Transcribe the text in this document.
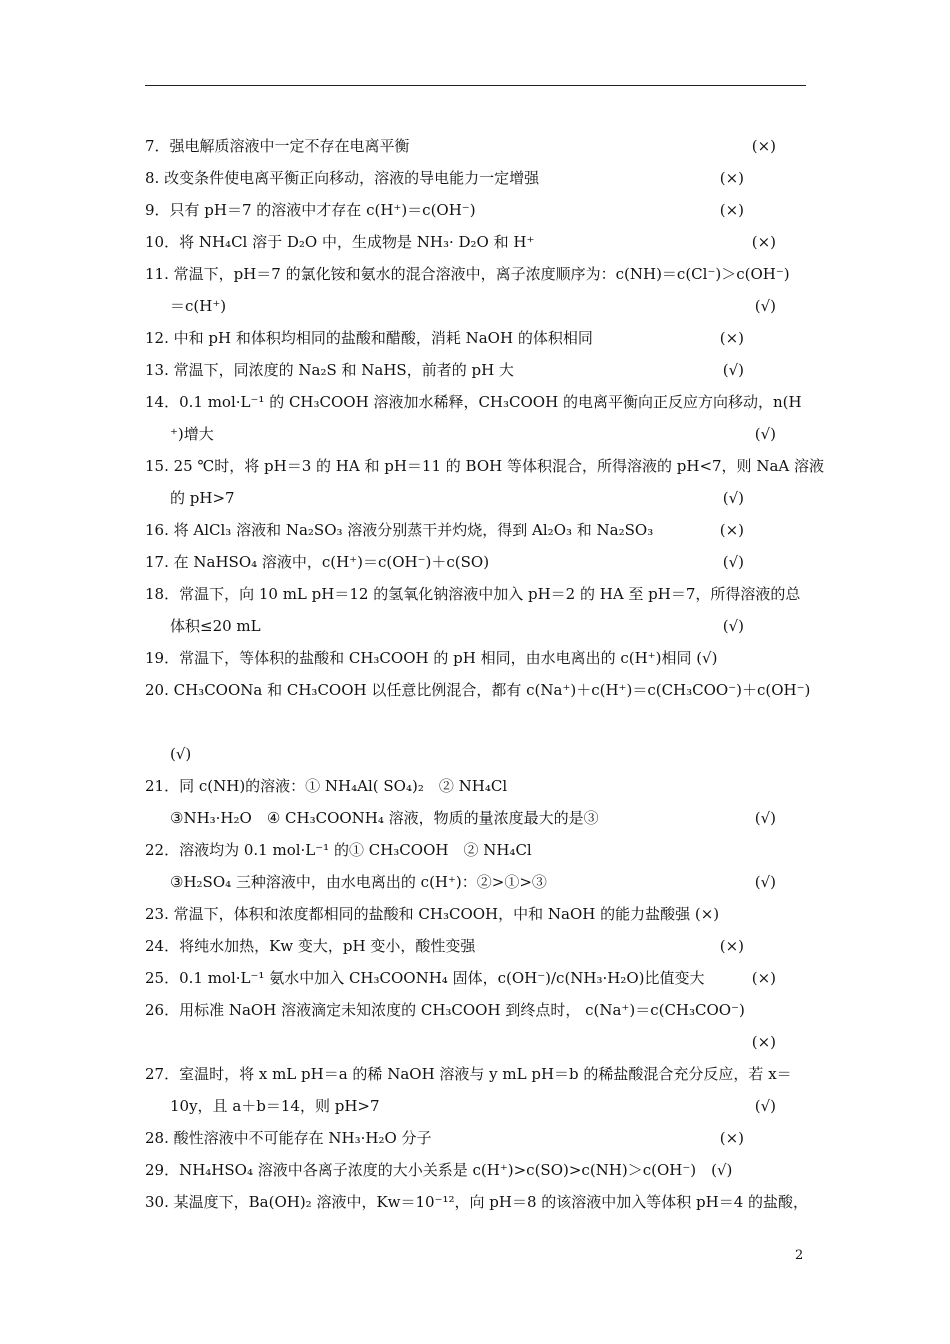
7．强电解质溶液中一定不存在电离平衡	(×)
8. 改变条件使电离平衡正向移动，溶液的导电能力一定增强	(×)
9．只有 pH＝7 的溶液中才存在 c(H⁺)＝c(OH⁻)	(×)
10．将 NH₄Cl 溶于 D₂O 中，生成物是 NH₃· D₂O 和 H⁺	(×)
11. 常温下，pH＝7 的氯化铵和氨水的混合溶液中，离子浓度顺序为：c(NH)＝c(Cl⁻)＞c(OH⁻)
＝c(H⁺)	(√)
12. 中和 pH 和体积均相同的盐酸和醋酸，消耗 NaOH 的体积相同	(×)
13. 常温下，同浓度的 Na₂S 和 NaHS，前者的 pH 大	(√)
14．0.1 mol·L⁻¹ 的 CH₃COOH 溶液加水稀释，CH₃COOH 的电离平衡向正反应方向移动，n(H
⁺)增大	(√)
15. 25 ℃时，将 pH＝3 的 HA 和 pH＝11 的 BOH 等体积混合，所得溶液的 pH<7，则 NaA 溶液
的 pH>7	(√)
16. 将 AlCl₃ 溶液和 Na₂SO₃ 溶液分别蒸干并灼烧，得到 Al₂O₃ 和 Na₂SO₃	(×)
17. 在 NaHSO₄ 溶液中，c(H⁺)＝c(OH⁻)＋c(SO)	(√)
18．常温下，向 10 mL pH＝12 的氢氧化钠溶液中加入 pH＝2 的 HA 至 pH＝7，所得溶液的总
体积≤20 mL	(√)
19．常温下，等体积的盐酸和 CH₃COOH 的 pH 相同，由水电离出的 c(H⁺)相同 (√)
20. CH₃COONa 和 CH₃COOH 以任意比例混合，都有 c(Na⁺)＋c(H⁺)＝c(CH₃COO⁻)＋c(OH⁻)
(√)
21．同 c(NH)的溶液：① NH₄Al( SO₄)₂　② NH₄Cl
③NH₃·H₂O　④ CH₃COONH₄ 溶液，物质的量浓度最大的是③	(√)
22．溶液均为 0.1 mol·L⁻¹ 的① CH₃COOH　② NH₄Cl
③H₂SO₄ 三种溶液中，由水电离出的 c(H⁺)：②>①>③	(√)
23. 常温下，体积和浓度都相同的盐酸和 CH₃COOH，中和 NaOH 的能力盐酸强 (×)
24．将纯水加热，Kw 变大，pH 变小，酸性变强	(×)
25．0.1 mol·L⁻¹ 氨水中加入 CH₃COONH₄ 固体，c(OH⁻)/c(NH₃·H₂O)比值变大	(×)
26．用标准 NaOH 溶液滴定未知浓度的 CH₃COOH 到终点时， c(Na⁺)＝c(CH₃COO⁻)
(×)
27．室温时，将 x mL pH＝a 的稀 NaOH 溶液与 y mL pH＝b 的稀盐酸混合充分反应，若 x＝
10y，且 a＋b＝14，则 pH>7	(√)
28. 酸性溶液中不可能存在 NH₃·H₂O 分子	(×)
29．NH₄HSO₄ 溶液中各离子浓度的大小关系是 c(H⁺)>c(SO)>c(NH)＞c(OH⁻)　(√)
30. 某温度下，Ba(OH)₂ 溶液中，Kw＝10⁻¹²，向 pH＝8 的该溶液中加入等体积 pH＝4 的盐酸，
2
